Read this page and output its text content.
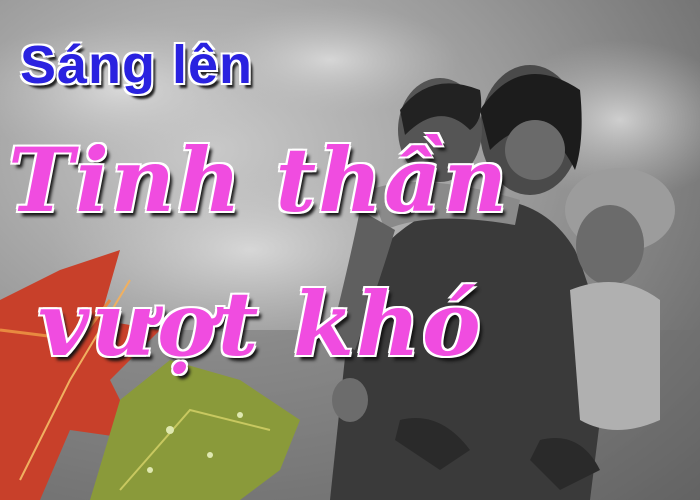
Sáng lên
Tinh thần
vượt khó
